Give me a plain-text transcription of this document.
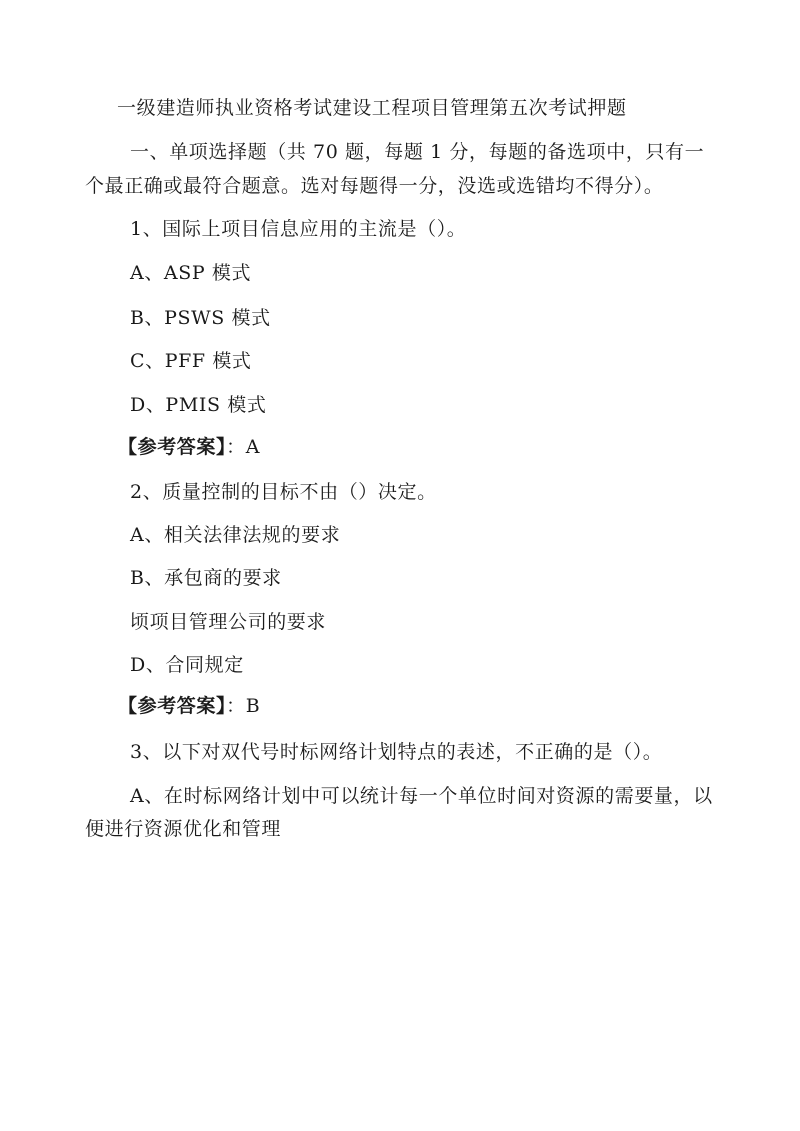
一级建造师执业资格考试建设工程项目管理第五次考试押题
一、单项选择题（共 70 题，每题 1 分，每题的备选项中，只有一
个最正确或最符合题意。选对每题得一分，没选或选错均不得分）。
1、国际上项目信息应用的主流是（）。
A、ASP 模式
B、PSWS 模式
C、PFF 模式
D、PMIS 模式
【参考答案】：A
2、质量控制的目标不由（）决定。
A、相关法律法规的要求
B、承包商的要求
顷项目管理公司的要求
D、合同规定
【参考答案】：B
3、以下对双代号时标网络计划特点的表述，不正确的是（）。
A、在时标网络计划中可以统计每一个单位时间对资源的需要量，以
便进行资源优化和管理
